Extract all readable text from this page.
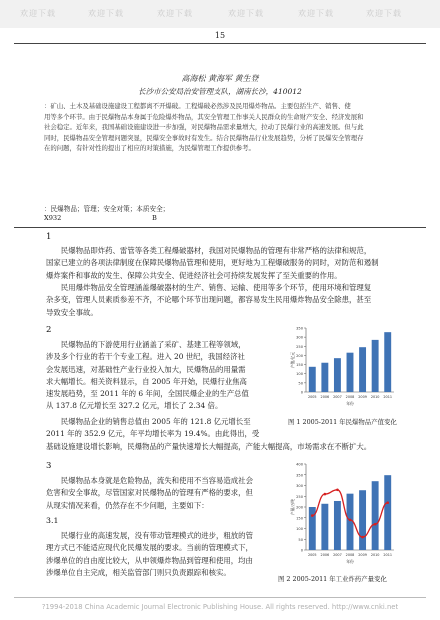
欢迎下载	欢迎下载	欢迎下载	欢迎下载	欢迎下载	欢迎下载
15
高海松 黄海军 黄生登
长沙市公安局治安管理支队，湖南长沙，410012
：矿山、土木及基础设施建设工程都离不开爆破。工程爆破必然涉及民用爆炸物品。主要包括生产、销售、使
用等多个环节。由于民爆物品本身属于危险爆炸物品，其安全管理工作事关人民群众的生命财产安全、经济发展和
社会稳定。近年来，我国基础设施建设进一步加强，对民爆物品需求量增大，拉动了民爆行业的高速发展。但与此
同时，民爆物品安全管理问题突显，民爆安全事故时有发生。结合民爆物品行业发展趋势，分析了民爆安全管理存
在的问题，有针对性的提出了相应的对策措施，为民爆管理工作提供参考。
：民爆物品；管理；安全对策；本质安全；
X932	B
1
民爆物品即炸药、雷管等各类工程爆破器材，我国对民爆物品的管理有非常严格的法律和规范，
国家已建立的各项法律制度在保障民爆物品管理和使用，更好地为工程爆破服务的同时，对防范和遏制
爆炸案件和事故的发生、保障公共安全、促进经济社会可持续发展发挥了至关重要的作用。
民用爆炸物品安全管理涵盖爆破器材的生产、销售、运输、使用等多个环节，使用环境和管理复
杂多变，管理人员素质参差不齐，不论哪个环节出现问题，都容易发生民用爆炸物品安全除患，甚至
导致安全事故。
2
民爆物品的下游使用行业涵盖了采矿、基建工程等领域，
涉及多个行业的若干个专业工程。进入 20 世纪，我国经济社
会发展迅速，对基础性产业行业投入加大，民爆物品的用量需
求大幅增长。相关资料显示，自 2005 年开始，民爆行业焦高
速发展趋势，至 2011 年的 6 年间，全国民爆企业的生产总值
从 137.8 亿元增长至 327.2 亿元，增长了 2.34 倍。
民爆物品企业的销售总值由 2005 年的 121.8 亿元增长至
2011 年的 352.9 亿元，年平均增长率为 19.4%。由此得出，受
基础设施建设增长影响，民爆物品的产量快速增长大幅提高，产能大幅提高，市场需求在不断扩大。
3
民爆物品本身就是危险物品，流失和使用不当容易造成社会
危害和安全事故，尽管国家对民爆物品的管理有严格的要求，但
从现实情况来看，仍然存在不少问题，主要如下：
3.1
民爆行业的高速发展，没有带动管理模式的进步，粗放的管
理方式已不能适应现代化民爆发展的要求。当前的管理模式下，
涉爆单位的自由度比较大，从申领爆炸物品到管理和使用，均由
涉爆单位自主完成，相关监管部门则只负责跟踪和核实。
0
50
100
150
200
250
300
350
2005 2006 2007 2008 2009 2010 2011
年份
产值/亿元
图 1 2005-2011 年民爆物品产值变化
0
50
100
150
200
250
300
350
400
2005 2006 2007 2008 2009 2010 2011
年份
产量/万吨
图 2 2005-2011 年工业炸药产量变化
?1994-2018 China Academic Journal Electronic Publishing House. All rights reserved. http://www.cnki.net
